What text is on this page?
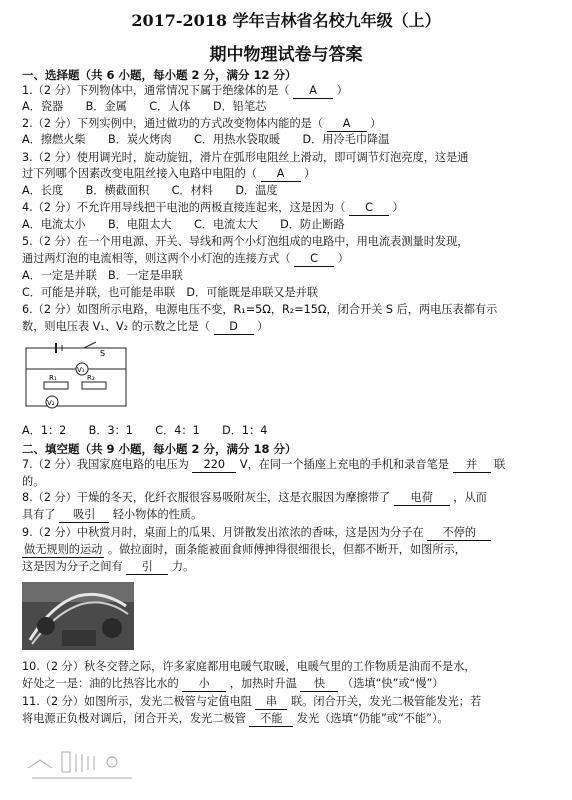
2017-2018 学年吉林省名校九年级（上）
期中物理试卷与答案
一、选择题（共 6 小题，每小题 2 分，满分 12 分）
1.（2 分）下列物体中，通常情况下属于绝缘体的是（ A ）
A．瓷器　　B．金属　　C．人体　　D．铅笔芯
2.（2 分）下列实例中，通过做功的方式改变物体内能的是（ A ）
A．擦燃火柴　　B．炭火烤肉　　C．用热水袋取暖　　D．用冷毛巾降温
3.（2 分）使用调光时，旋动旋钮，滑片在弧形电阻丝上滑动，即可调节灯泡亮度，这是通
过下列哪个因素改变电阻丝接入电路中电阻的（ A ）
A．长度　　B．横截面积　　C．材料　　D．温度
4.（2 分）不允许用导线把干电池的两极直接连起来，这是因为（ C ）
A．电流太小　　B．电阻太大　　C．电流太大　　D．防止断路
5.（2 分）在一个用电源、开关、导线和两个小灯泡组成的电路中，用电流表测量时发现，
通过两灯泡的电流相等，则这两个小灯泡的连接方式（ C ）
A．一定是并联　B．一定是串联
C．可能是并联，也可能是串联　D．可能既是串联又是并联
6.（2 分）如图所示电路，电源电压不变，R₁=5Ω，R₂=15Ω，闭合开关 S 后，两电压表都有示
数，则电压表 V₁、V₂ 的示数之比是（ D ）
S
V₁
R₁	R₂
V₂
A．1：2　　B．3：1　　C．4：1　　D．1：4
二、填空题（共 9 小题，每小题 2 分，满分 18 分）
7.（2 分）我国家庭电路的电压为 220 V，在同一个插座上充电的手机和录音笔是 并 联
的。
8.（2 分）干燥的冬天，化纤衣服很容易吸附灰尘，这是衣服因为摩擦带了 电荷 ，从而
具有了 吸引 轻小物体的性质。
9.（2 分）中秋赏月时，桌面上的瓜果、月饼散发出浓浓的香味，这是因为分子在 不停的
做无规则的运动 。做拉面时，面条能被面食师傅抻得很细很长，但都不断开，如图所示，
这是因为分子之间有 引 力。
10.（2 分）秋冬交替之际，许多家庭都用电暖气取暖，电暖气里的工作物质是油而不是水，
好处之一是：油的比热容比水的 小 ，加热时升温 快 （选填“快”或“慢”）
11.（2 分）如图所示，发光二极管与定值电阻 串 联。闭合开关，发光二极管能发光；若
将电源正负极对调后，闭合开关，发光二极管 不能 发光（选填“仍能”或“不能”）。
